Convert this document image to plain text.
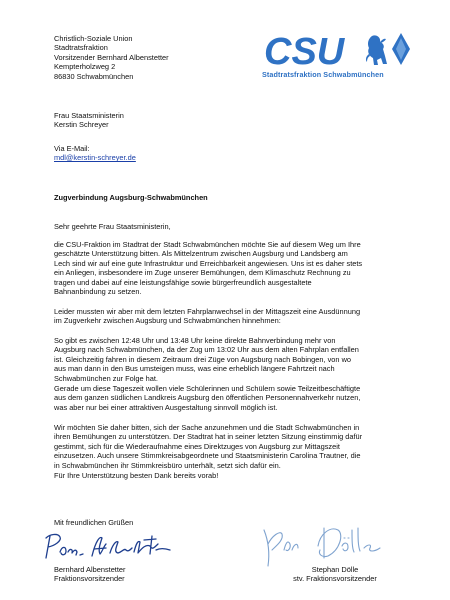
Christlich-Soziale Union
Stadtratsfraktion
Vorsitzender Bernhard Albenstetter
Kempterholzweg 2
86830 Schwabmünchen
CSU
Stadtratsfraktion Schwabmünchen
Frau Staatsministerin
Kerstin Schreyer
Via E-Mail:
mdl@kerstin-schreyer.de
Zugverbindung Augsburg-Schwabmünchen
Sehr geehrte Frau Staatsministerin,
die CSU-Fraktion im Stadtrat der Stadt Schwabmünchen möchte Sie auf diesem Weg um Ihre
geschätzte Unterstützung bitten. Als Mittelzentrum zwischen Augsburg und Landsberg am
Lech sind wir auf eine gute Infrastruktur und Erreichbarkeit angewiesen. Uns ist es daher stets
ein Anliegen, insbesondere im Zuge unserer Bemühungen, dem Klimaschutz Rechnung zu
tragen und dabei auf eine leistungsfähige sowie bürgerfreundlich ausgestaltete
Bahnanbindung zu setzen.
Leider mussten wir aber mit dem letzten Fahrplanwechsel in der Mittagszeit eine Ausdünnung
im Zugverkehr zwischen Augsburg und Schwabmünchen hinnehmen:
So gibt es zwischen 12:48 Uhr und 13:48 Uhr keine direkte Bahnverbindung mehr von
Augsburg nach Schwabmünchen, da der Zug um 13:02 Uhr aus dem alten Fahrplan entfallen
ist. Gleichzeitig fahren in diesem Zeitraum drei Züge von Augsburg nach Bobingen, von wo
aus man dann in den Bus umsteigen muss, was eine erheblich längere Fahrtzeit nach
Schwabmünchen zur Folge hat.
Gerade um diese Tageszeit wollen viele Schülerinnen und Schülern sowie Teilzeitbeschäftigte
aus dem ganzen südlichen Landkreis Augsburg den öffentlichen Personennahverkehr nutzen,
was aber nur bei einer attraktiven Ausgestaltung sinnvoll möglich ist.
Wir möchten Sie daher bitten, sich der Sache anzunehmen und die Stadt Schwabmünchen in
ihren Bemühungen zu unterstützen. Der Stadtrat hat in seiner letzten Sitzung einstimmig dafür
gestimmt, sich für die Wiederaufnahme eines Direktzuges von Augsburg zur Mittagszeit
einzusetzen. Auch unsere Stimmkreisabgeordnete und Staatsministerin Carolina Trautner, die
in Schwabmünchen ihr Stimmkreisbüro unterhält, setzt sich dafür ein.
Für Ihre Unterstützung besten Dank bereits vorab!
Mit freundlichen Grüßen
Bernhard Albenstetter
Fraktionsvorsitzender
Stephan Dölle
stv. Fraktionsvorsitzender
